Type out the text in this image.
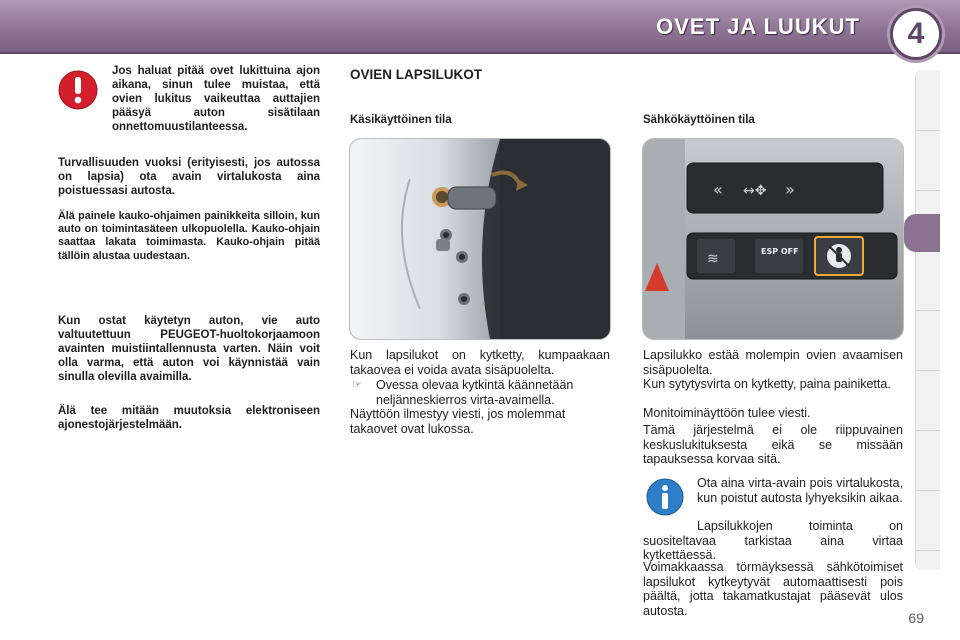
OVET JA LUUKUT	4
Jos haluat pitää ovet lukittuina ajon aikana, sinun tulee muistaa, että ovien lukitus vaikeuttaa auttajien pääsyä auton sisätilaan onnettomuustilanteessa.

Turvallisuuden vuoksi (erityisesti, jos autossa on lapsia) ota avain virtalukosta aina poistuessasi autosta.

Älä painele kauko-ohjaimen painikkeita silloin, kun auto on toimintasäteen ulkopuolella. Kauko-ohjain saattaa lakata toimimasta. Kauko-ohjain pitää tällöin alustaa uudestaan.

Kun ostat käytetyn auton, vie auto valtuutettuun PEUGEOT-huoltokorjaamoon avainten muistiintallennusta varten. Näin voit olla varma, että auton voi käynnistää vain sinulla olevilla avaimilla.

Älä tee mitään muutoksia elektroniseen ajonestojärjestelmään.

OVIEN LAPSILUKOT
Käsikäyttöinen tila

Kun lapsilukot on kytketty, kumpaakaan takaovea ei voida avata sisäpuolelta.

☞ Ovessa olevaa kytkintä käännetään neljänneskierros virta-avaimella.

Näyttöön ilmestyy viesti, jos molemmat takaovet ovat lukossa.

Sähkökäyttöinen tila
« ↔✥ »
≋	ESP OFF

Lapsilukko estää molempin ovien avaamisen sisäpuolelta.

Kun sytytysvirta on kytketty, paina painiketta.

Monitoiminäyttöön tulee viesti.

Tämä järjestelmä ei ole riippuvainen keskuslukituksesta eikä se missään tapauksessa korvaa sitä.

Ota aina virta-avain pois virtalukosta, kun poistut autosta lyhyeksikin aikaa.

Lapsilukkojen toiminta on suositeltavaa tarkistaa aina virtaa kytkettäessä.

Voimakkaassa törmäyksessä sähkötoimiset lapsilukot kytkeytyvät automaattisesti pois päältä, jotta takamatkustajat pääsevät ulos autosta.	69
